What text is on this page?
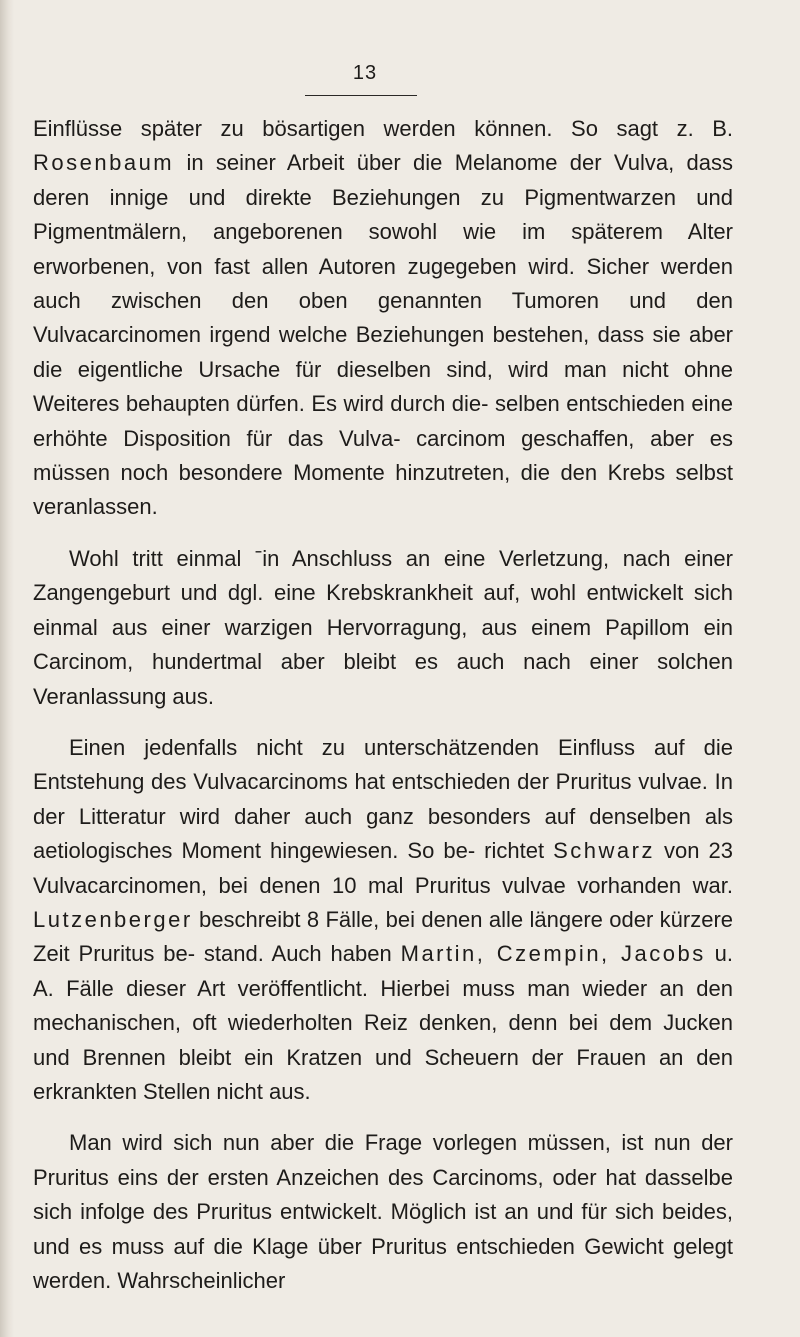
13

Einflüsse später zu bösartigen werden können. So sagt z. B. Rosenbaum in seiner Arbeit über die Melanome der Vulva, dass deren innige und direkte Beziehungen zu Pigmentwarzen und Pigmentmälern, angeborenen sowohl wie im späterem Alter erworbenen, von fast allen Autoren zugegeben wird. Sicher werden auch zwischen den oben genannten Tumoren und den Vulvacarcinomen irgend welche Beziehungen bestehen, dass sie aber die eigentliche Ursache für dieselben sind, wird man nicht ohne Weiteres behaupten dürfen. Es wird durch die- selben entschieden eine erhöhte Disposition für das Vulva- carcinom geschaffen, aber es müssen noch besondere Momente hinzutreten, die den Krebs selbst veranlassen.

Wohl tritt einmal ˉin Anschluss an eine Verletzung, nach einer Zangengeburt und dgl. eine Krebskrankheit auf, wohl entwickelt sich einmal aus einer warzigen Hervorragung, aus einem Papillom ein Carcinom, hundertmal aber bleibt es auch nach einer solchen Veranlassung aus.

Einen jedenfalls nicht zu unterschätzenden Einfluss auf die Entstehung des Vulvacarcinoms hat entschieden der Pruritus vulvae. In der Litteratur wird daher auch ganz besonders auf denselben als aetiologisches Moment hingewiesen. So be- richtet Schwarz von 23 Vulvacarcinomen, bei denen 10 mal Pruritus vulvae vorhanden war. Lutzenberger beschreibt 8 Fälle, bei denen alle längere oder kürzere Zeit Pruritus be- stand. Auch haben Martin, Czempin, Jacobs u. A. Fälle dieser Art veröffentlicht. Hierbei muss man wieder an den mechanischen, oft wiederholten Reiz denken, denn bei dem Jucken und Brennen bleibt ein Kratzen und Scheuern der Frauen an den erkrankten Stellen nicht aus.

Man wird sich nun aber die Frage vorlegen müssen, ist nun der Pruritus eins der ersten Anzeichen des Carcinoms, oder hat dasselbe sich infolge des Pruritus entwickelt. Möglich ist an und für sich beides, und es muss auf die Klage über Pruritus entschieden Gewicht gelegt werden. Wahrscheinlicher
